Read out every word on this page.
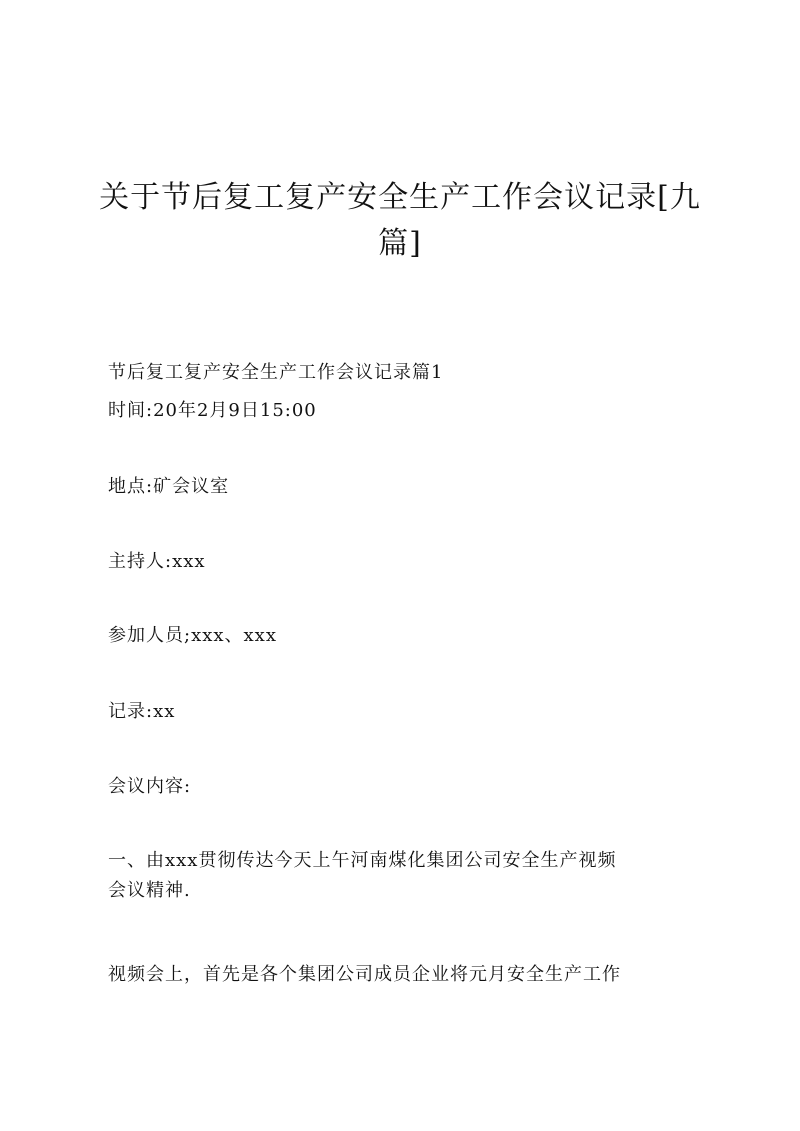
关于节后复工复产安全生产工作会议记录[九
篇]
节后复工复产安全生产工作会议记录篇1
时间:20年2月9日15:00
地点:矿会议室
主持人:xxx
参加人员;xxx、xxx
记录:xx
会议内容:
一、由xxx贯彻传达今天上午河南煤化集团公司安全生产视频
会议精神.
视频会上，首先是各个集团公司成员企业将元月安全生产工作
